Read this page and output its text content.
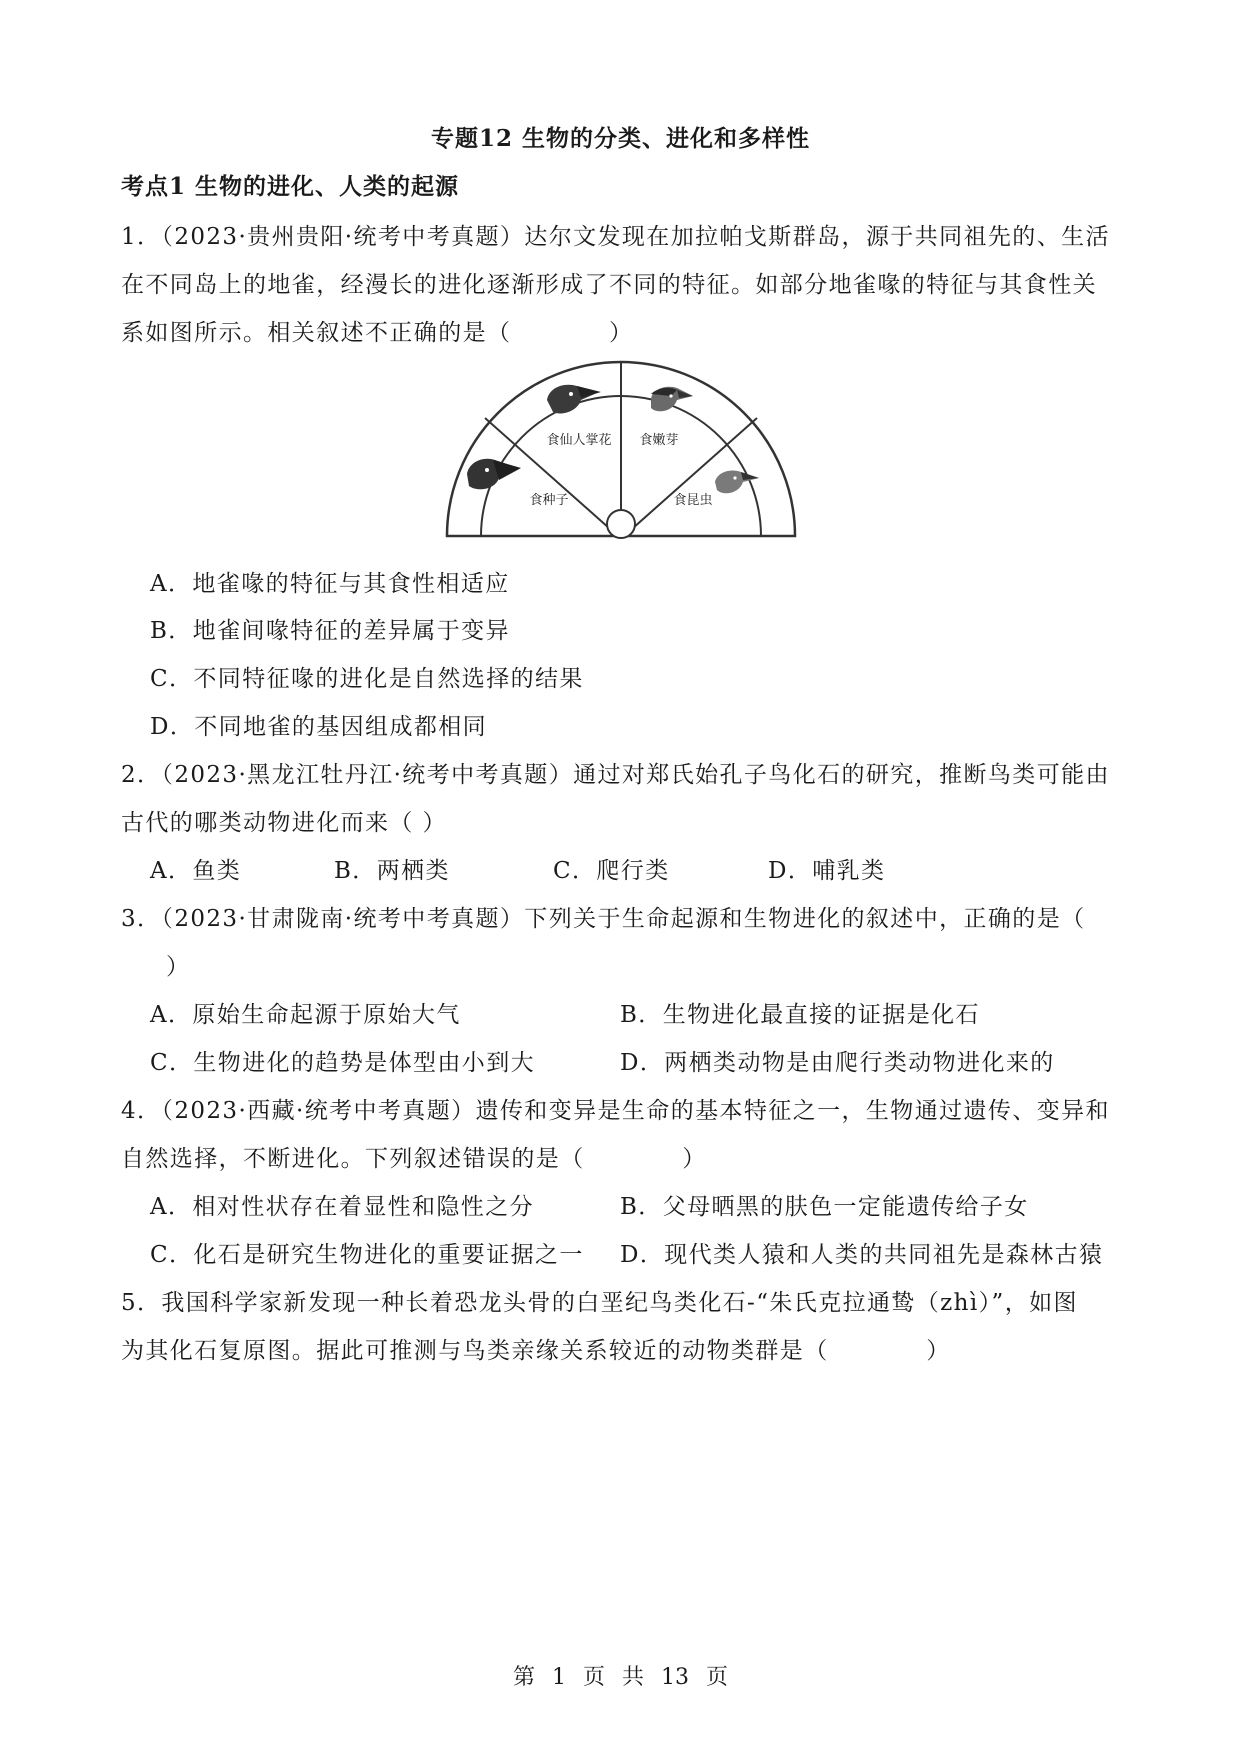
专题12 生物的分类、进化和多样性
考点1 生物的进化、人类的起源
1．（2023·贵州贵阳·统考中考真题）达尔文发现在加拉帕戈斯群岛，源于共同祖先的、生活
在不同岛上的地雀，经漫长的进化逐渐形成了不同的特征。如部分地雀喙的特征与其食性关
系如图所示。相关叙述不正确的是（　　　　）
食仙人掌花 食嫩芽
食种子	食昆虫
A．地雀喙的特征与其食性相适应
B．地雀间喙特征的差异属于变异
C．不同特征喙的进化是自然选择的结果
D．不同地雀的基因组成都相同
2．（2023·黑龙江牡丹江·统考中考真题）通过对郑氏始孔子鸟化石的研究，推断鸟类可能由
古代的哪类动物进化而来（ ）
A．鱼类	B．两栖类	C．爬行类	D．哺乳类
3．（2023·甘肃陇南·统考中考真题）下列关于生命起源和生物进化的叙述中，正确的是（
）
A．原始生命起源于原始大气	B．生物进化最直接的证据是化石
C．生物进化的趋势是体型由小到大	D．两栖类动物是由爬行类动物进化来的
4．（2023·西藏·统考中考真题）遗传和变异是生命的基本特征之一，生物通过遗传、变异和
自然选择，不断进化。下列叙述错误的是（　　　　）
A．相对性状存在着显性和隐性之分	B．父母晒黑的肤色一定能遗传给子女
C．化石是研究生物进化的重要证据之一 D．现代类人猿和人类的共同祖先是森林古猿
5．我国科学家新发现一种长着恐龙头骨的白垩纪鸟类化石-“朱氏克拉通鸷（zhì）”，如图
为其化石复原图。据此可推测与鸟类亲缘关系较近的动物类群是（　　　　）
第 1 页 共 13 页
